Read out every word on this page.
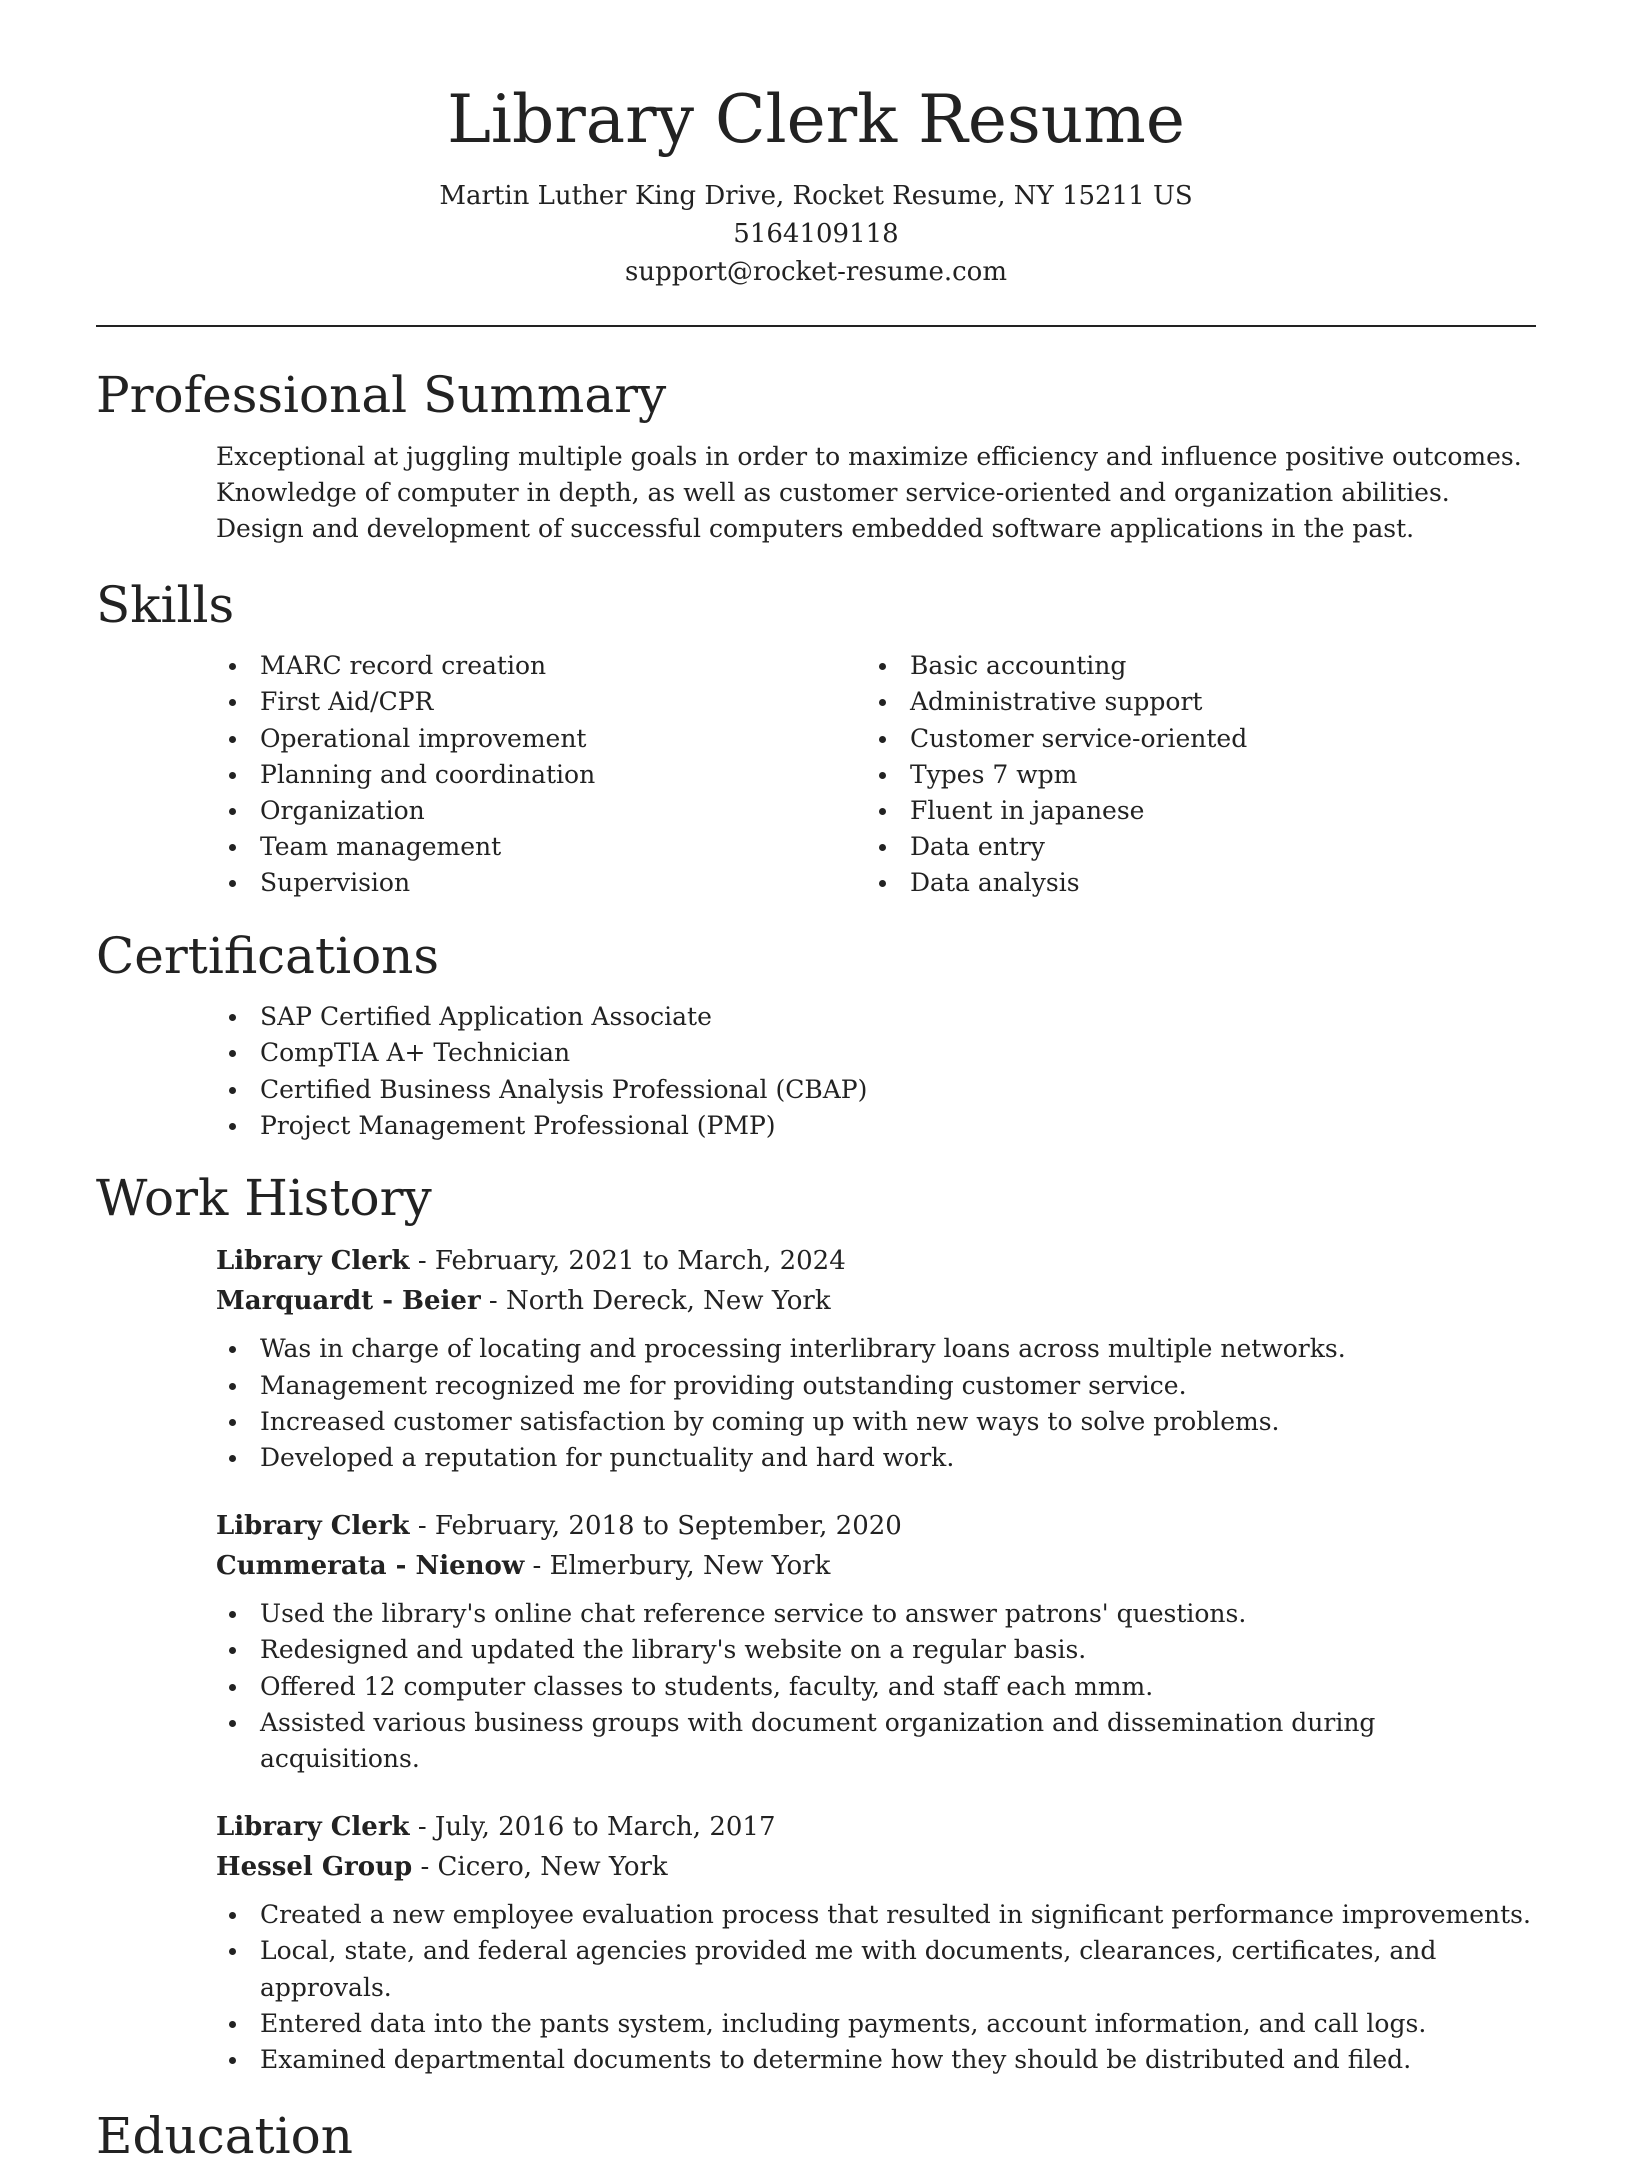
Library Clerk Resume
Martin Luther King Drive, Rocket Resume, NY 15211 US
5164109118
support@rocket-resume.com
Professional Summary

Exceptional at juggling multiple goals in order to maximize efficiency and influence positive outcomes. Knowledge of computer in depth, as well as customer service-oriented and organization abilities. Design and development of successful computers embedded software applications in the past.

Skills
MARC record creation
First Aid/CPR
Operational improvement
Planning and coordination
Organization
Team management
Supervision
Basic accounting
Administrative support
Customer service-oriented
Types 7 wpm
Fluent in japanese
Data entry
Data analysis
Certifications
SAP Certified Application Associate
CompTIA A+ Technician
Certified Business Analysis Professional (CBAP)
Project Management Professional (PMP)
Work History
Library Clerk - February, 2021 to March, 2024
Marquardt - Beier - North Dereck, New York
Was in charge of locating and processing interlibrary loans across multiple networks.
Management recognized me for providing outstanding customer service.
Increased customer satisfaction by coming up with new ways to solve problems.
Developed a reputation for punctuality and hard work.
Library Clerk - February, 2018 to September, 2020
Cummerata - Nienow - Elmerbury, New York
Used the library's online chat reference service to answer patrons' questions.
Redesigned and updated the library's website on a regular basis.
Offered 12 computer classes to students, faculty, and staff each mmm.
Assisted various business groups with document organization and dissemination during acquisitions.
Library Clerk - July, 2016 to March, 2017
Hessel Group - Cicero, New York
Created a new employee evaluation process that resulted in significant performance improvements.
Local, state, and federal agencies provided me with documents, clearances, certificates, and approvals.
Entered data into the pants system, including payments, account information, and call logs.
Examined departmental documents to determine how they should be distributed and filed.
Education
